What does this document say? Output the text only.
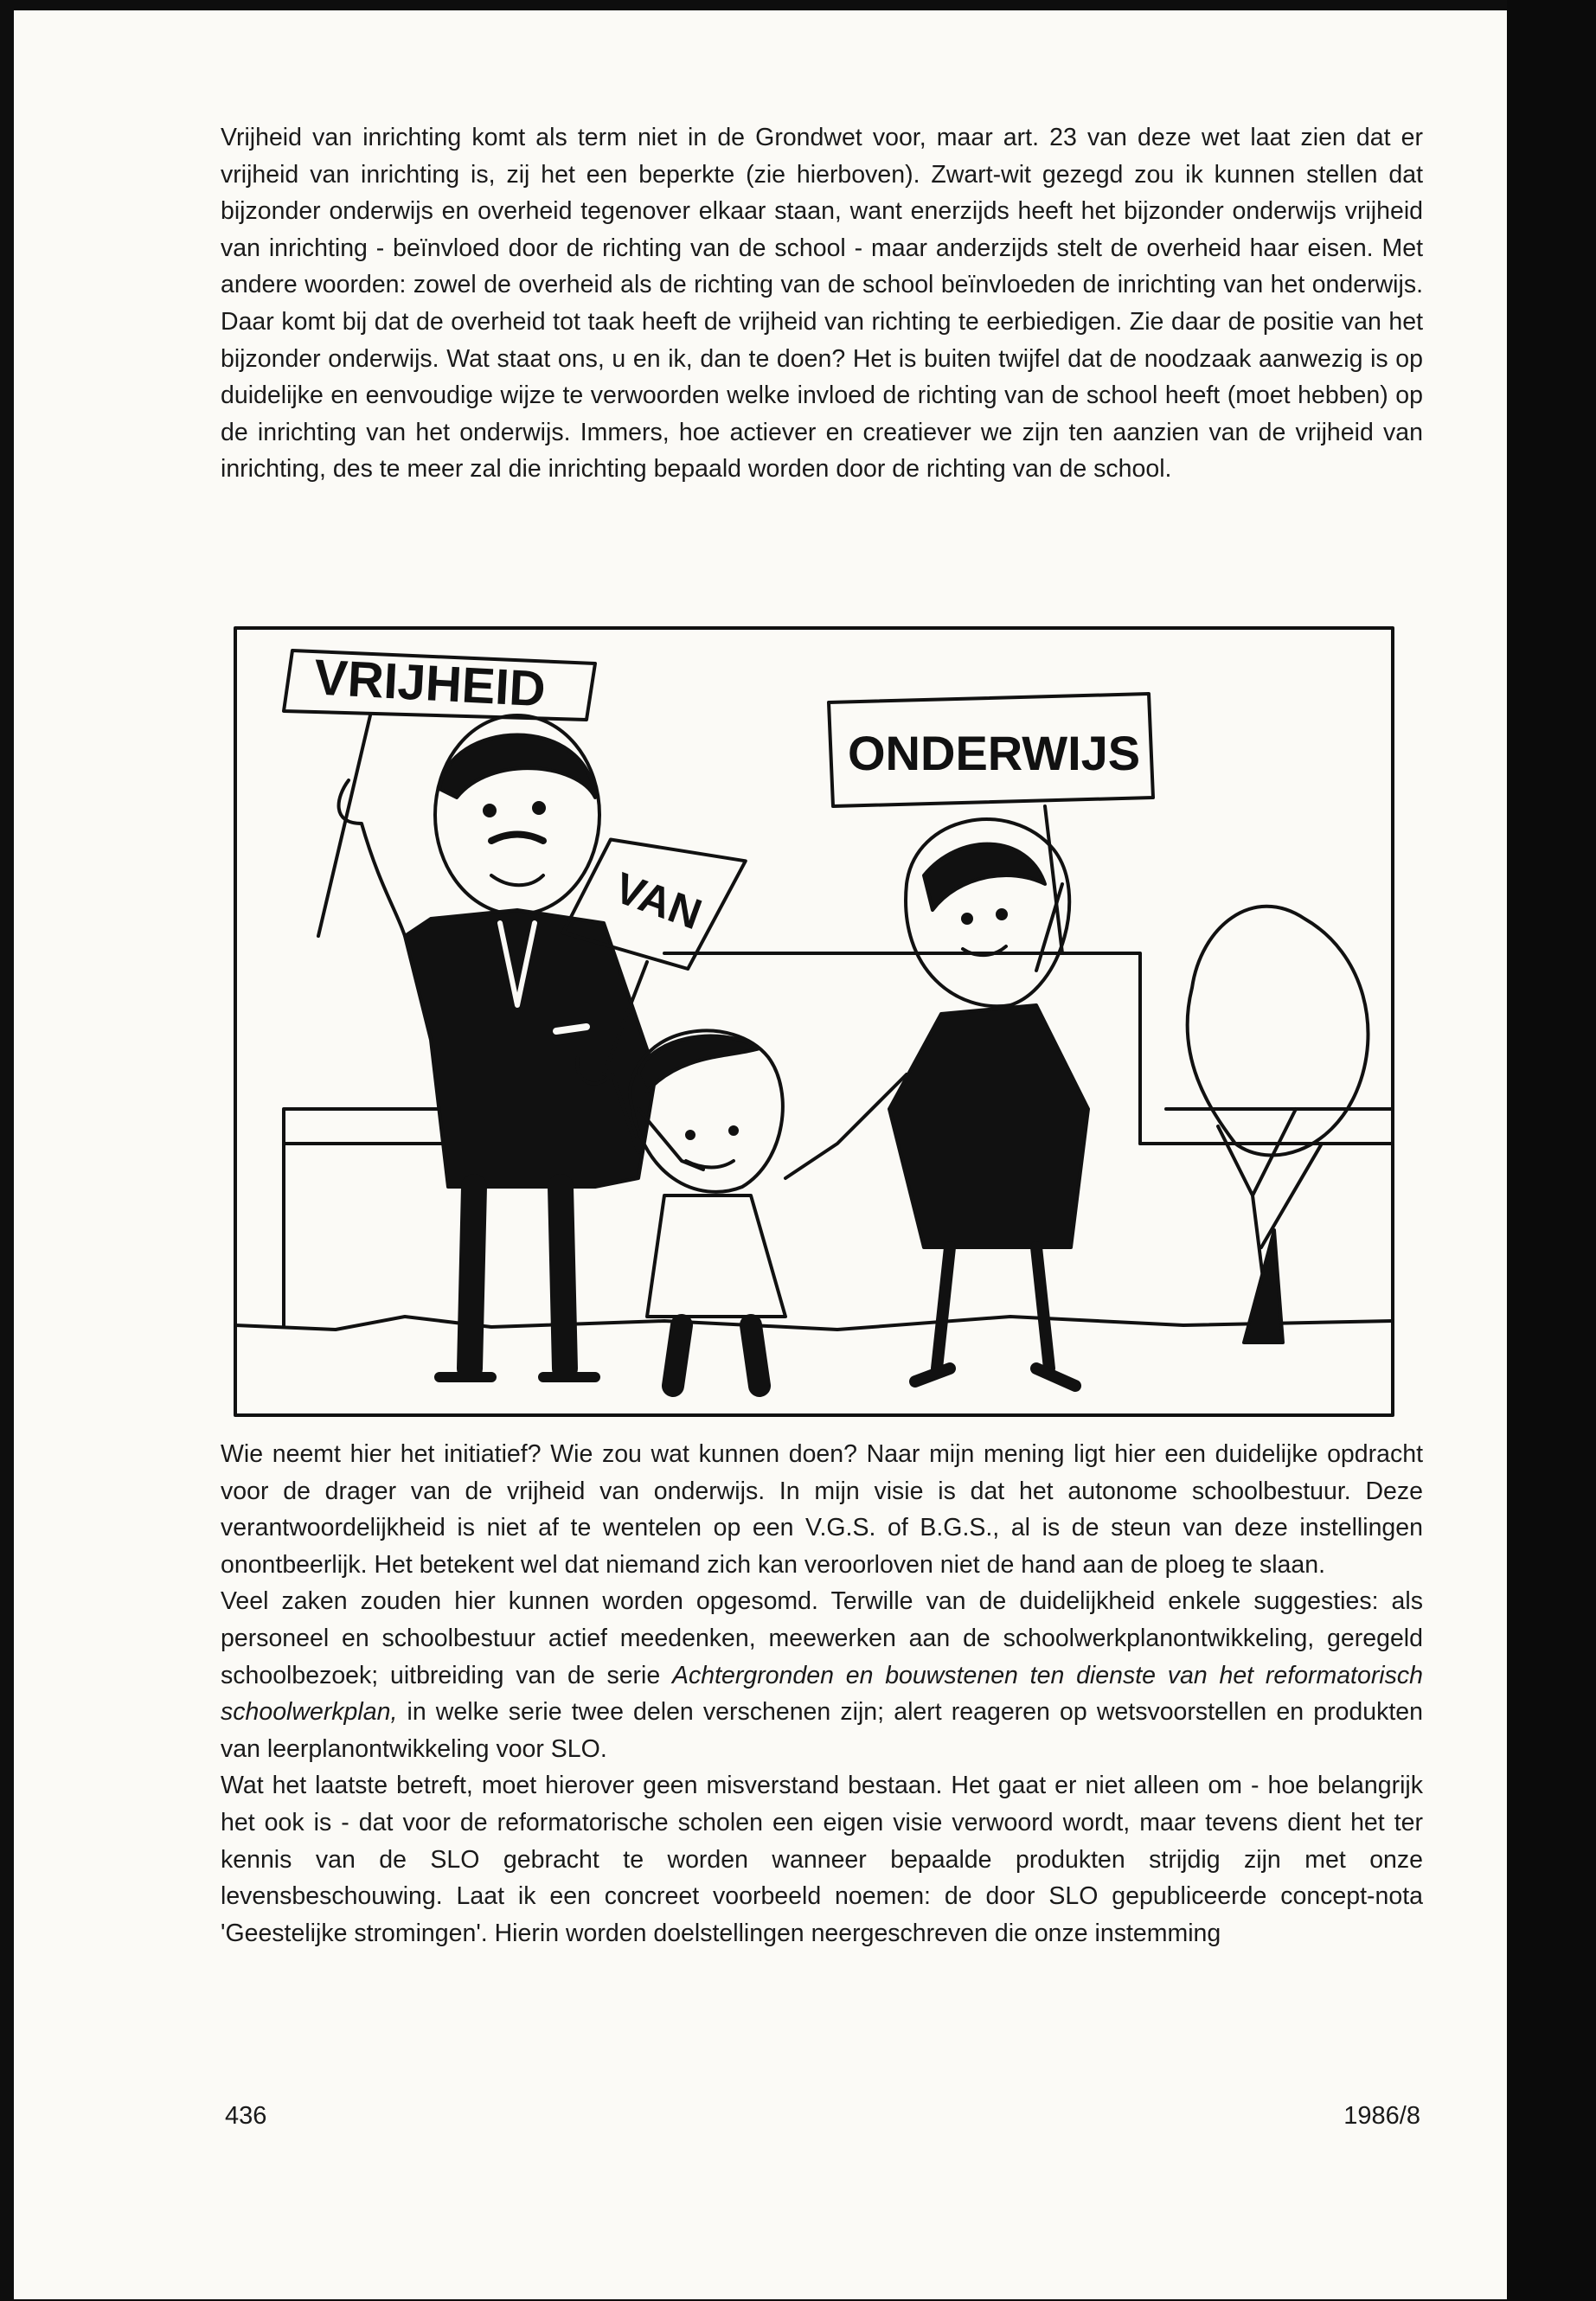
Vrijheid van inrichting komt als term niet in de Grondwet voor, maar art. 23 van deze wet laat zien dat er vrijheid van inrichting is, zij het een beperkte (zie hierboven). Zwart-wit gezegd zou ik kunnen stellen dat bijzonder onderwijs en overheid tegenover elkaar staan, want enerzijds heeft het bijzonder onderwijs vrijheid van inrichting - beïnvloed door de richting van de school - maar anderzijds stelt de overheid haar eisen. Met andere woorden: zowel de overheid als de richting van de school beïnvloeden de inrichting van het onderwijs. Daar komt bij dat de overheid tot taak heeft de vrijheid van richting te eerbiedigen. Zie daar de positie van het bijzonder onderwijs. Wat staat ons, u en ik, dan te doen? Het is buiten twijfel dat de noodzaak aanwezig is op duidelijke en eenvoudige wijze te verwoorden welke invloed de richting van de school heeft (moet hebben) op de inrichting van het onderwijs. Immers, hoe actiever en creatiever we zijn ten aanzien van de vrijheid van inrichting, des te meer zal die inrichting bepaald worden door de richting van de school.

VRIJHEID
VAN
ONDERWIJS

Wie neemt hier het initiatief? Wie zou wat kunnen doen? Naar mijn mening ligt hier een duidelijke opdracht voor de drager van de vrijheid van onderwijs. In mijn visie is dat het autonome schoolbestuur. Deze verantwoordelijkheid is niet af te wentelen op een V.G.S. of B.G.S., al is de steun van deze instellingen onontbeerlijk. Het betekent wel dat niemand zich kan veroorloven niet de hand aan de ploeg te slaan.

Veel zaken zouden hier kunnen worden opgesomd. Terwille van de duidelijkheid enkele suggesties: als personeel en schoolbestuur actief meedenken, meewerken aan de schoolwerkplanontwikkeling, geregeld schoolbezoek; uitbreiding van de serie Achtergronden en bouwstenen ten dienste van het reformatorisch schoolwerkplan, in welke serie twee delen verschenen zijn; alert reageren op wetsvoorstellen en produkten van leerplanontwikkeling voor SLO.

Wat het laatste betreft, moet hierover geen misverstand bestaan. Het gaat er niet alleen om - hoe belangrijk het ook is - dat voor de reformatorische scholen een eigen visie verwoord wordt, maar tevens dient het ter kennis van de SLO gebracht te worden wanneer bepaalde produkten strijdig zijn met onze levensbeschouwing. Laat ik een concreet voorbeeld noemen: de door SLO gepubliceerde concept-nota 'Geestelijke stromingen'. Hierin worden doelstellingen neergeschreven die onze instemming

436	1986/8
